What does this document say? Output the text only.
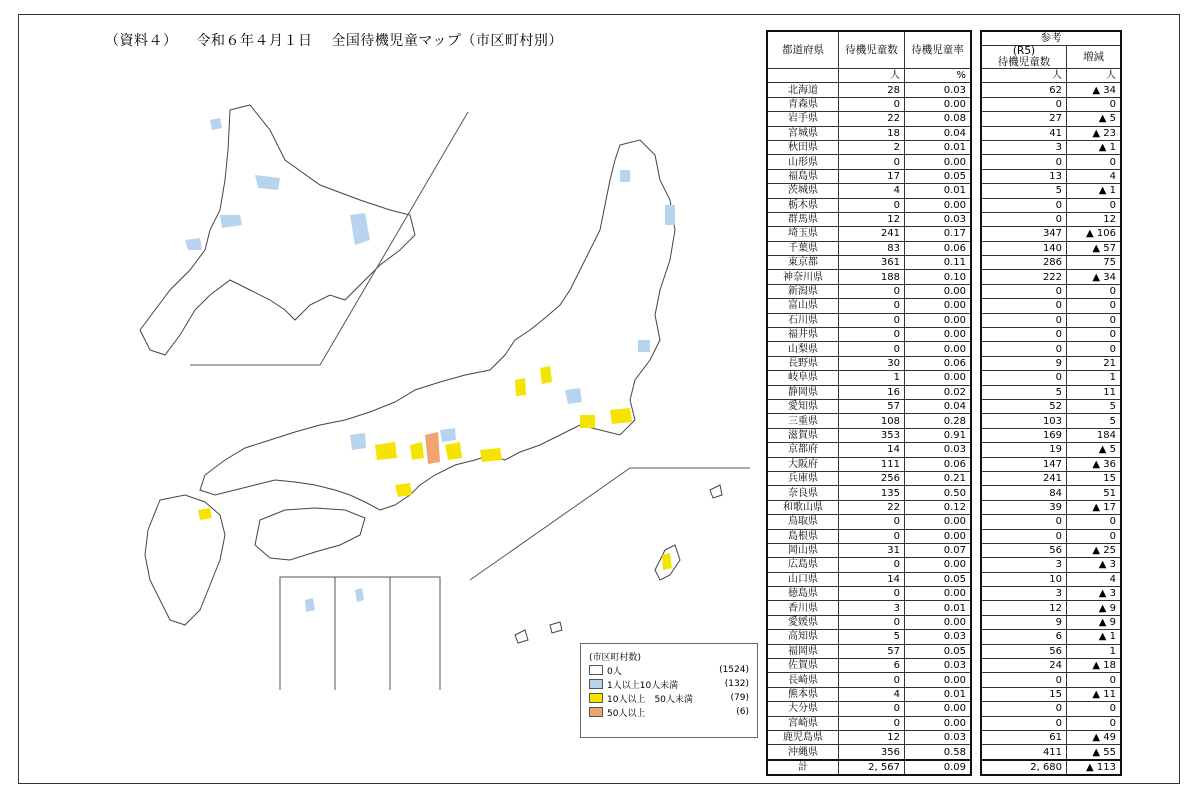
（資料４） 令和６年４月１日 全国待機児童マップ（市区町村別）
(市区町村数)
0人	(1524)
1人以上10人未満	(132)
10人以上　50人未満	(79)
50人以上	(6)
都道府県	待機児童数	待機児童率
	人	%
北海道	28	0.03
青森県	0	0.00
岩手県	22	0.08
宮城県	18	0.04
秋田県	2	0.01
山形県	0	0.00
福島県	17	0.05
茨城県	4	0.01
栃木県	0	0.00
群馬県	12	0.03
埼玉県	241	0.17
千葉県	83	0.06
東京都	361	0.11
神奈川県	188	0.10
新潟県	0	0.00
富山県	0	0.00
石川県	0	0.00
福井県	0	0.00
山梨県	0	0.00
長野県	30	0.06
岐阜県	1	0.00
静岡県	16	0.02
愛知県	57	0.04
三重県	108	0.28
滋賀県	353	0.91
京都府	14	0.03
大阪府	111	0.06
兵庫県	256	0.21
奈良県	135	0.50
和歌山県	22	0.12
鳥取県	0	0.00
島根県	0	0.00
岡山県	31	0.07
広島県	0	0.00
山口県	14	0.05
徳島県	0	0.00
香川県	3	0.01
愛媛県	0	0.00
高知県	5	0.03
福岡県	57	0.05
佐賀県	6	0.03
長崎県	0	0.00
熊本県	4	0.01
大分県	0	0.00
宮崎県	0	0.00
鹿児島県	12	0.03
沖縄県	356	0.58
計	2, 567	0.09
参考	

(R5)
待機児童数	増減
人	人
62	▲ 34
0	0
27	▲ 5
41	▲ 23
3	▲ 1
0	0
13	4
5	▲ 1
0	0
0	12
347	▲ 106
140	▲ 57
286	75
222	▲ 34
0	0
0	0
0	0
0	0
0	0
9	21
0	1
5	11
52	5
103	5
169	184
19	▲ 5
147	▲ 36
241	15
84	51
39	▲ 17
0	0
0	0
56	▲ 25
3	▲ 3
10	4
3	▲ 3
12	▲ 9
9	▲ 9
6	▲ 1
56	1
24	▲ 18
0	0
15	▲ 11
0	0
0	0
61	▲ 49
411	▲ 55
2, 680	▲ 113
